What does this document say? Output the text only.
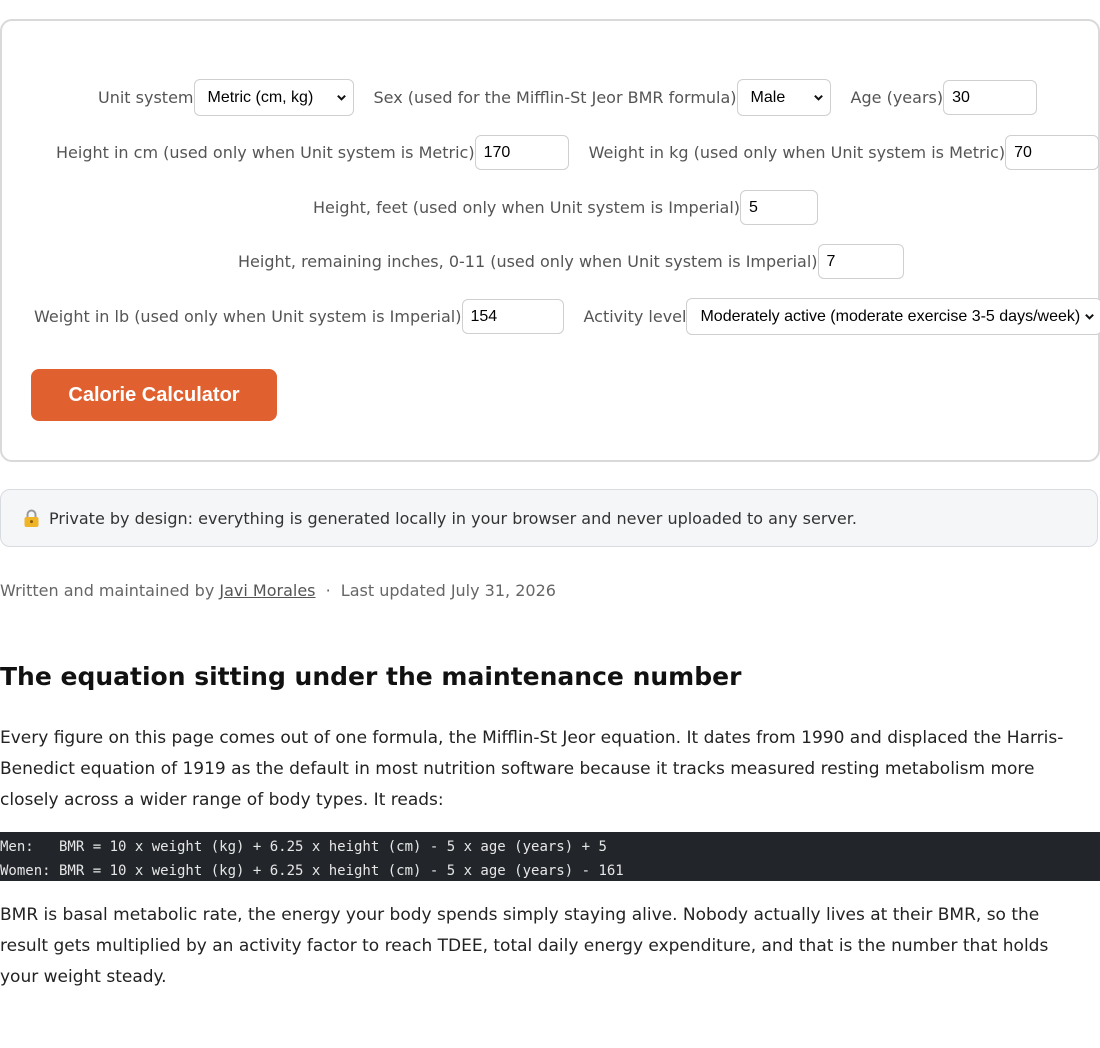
Unit system Metric (cm, kg)	Sex (used for the Mifflin-St Jeor BMR formula) Male	Age (years) 30
Height in cm (used only when Unit system is Metric) 170	Weight in kg (used only when Unit system is Metric) 70
Height, feet (used only when Unit system is Imperial) 5
Height, remaining inches, 0-11 (used only when Unit system is Imperial) 7
Weight in lb (used only when Unit system is Imperial) 154	Activity level Moderately active (moderate exercise 3-5 days/week)
Calorie Calculator
Private by design: everything is generated locally in your browser and never uploaded to any server.
Written and maintained by Javi Morales · Last updated July 31, 2026
The equation sitting under the maintenance number

Every figure on this page comes out of one formula, the Mifflin-St Jeor equation. It dates from 1990 and displaced the Harris-Benedict equation of 1919 as the default in most nutrition software because it tracks measured resting metabolism more closely across a wider range of body types. It reads:

Men:   BMR = 10 x weight (kg) + 6.25 x height (cm) - 5 x age (years) + 5
Women: BMR = 10 x weight (kg) + 6.25 x height (cm) - 5 x age (years) - 161

BMR is basal metabolic rate, the energy your body spends simply staying alive. Nobody actually lives at their BMR, so the result gets multiplied by an activity factor to reach TDEE, total daily energy expenditure, and that is the number that holds your weight steady.
